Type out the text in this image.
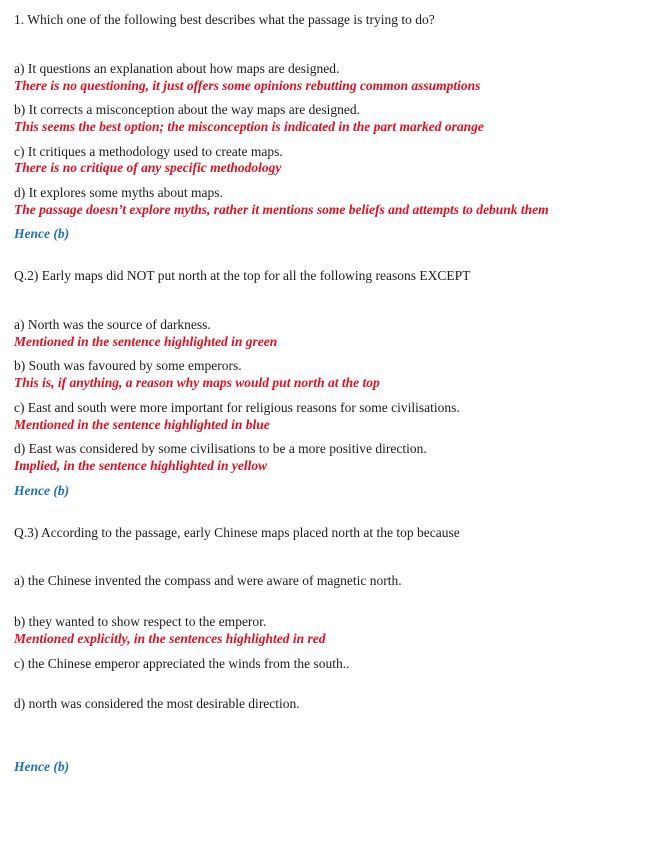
1. Which one of the following best describes what the passage is trying to do?

a) It questions an explanation about how maps are designed.

There is no questioning, it just offers some opinions rebutting common assumptions

b) It corrects a misconception about the way maps are designed.

This seems the best option; the misconception is indicated in the part marked orange

c) It critiques a methodology used to create maps.

There is no critique of any specific methodology

d) It explores some myths about maps.

The passage doesn’t explore myths, rather it mentions some beliefs and attempts to debunk them

Hence (b)

Q.2) Early maps did NOT put north at the top for all the following reasons EXCEPT

a) North was the source of darkness.

Mentioned in the sentence highlighted in green

b) South was favoured by some emperors.

This is, if anything, a reason why maps would put north at the top

c) East and south were more important for religious reasons for some civilisations.

Mentioned in the sentence highlighted in blue

d) East was considered by some civilisations to be a more positive direction.

Implied, in the sentence highlighted in yellow

Hence (b)

Q.3) According to the passage, early Chinese maps placed north at the top because

a) the Chinese invented the compass and were aware of magnetic north.

b) they wanted to show respect to the emperor.

Mentioned explicitly, in the sentences highlighted in red

c) the Chinese emperor appreciated the winds from the south..

d) north was considered the most desirable direction.

Hence (b)
